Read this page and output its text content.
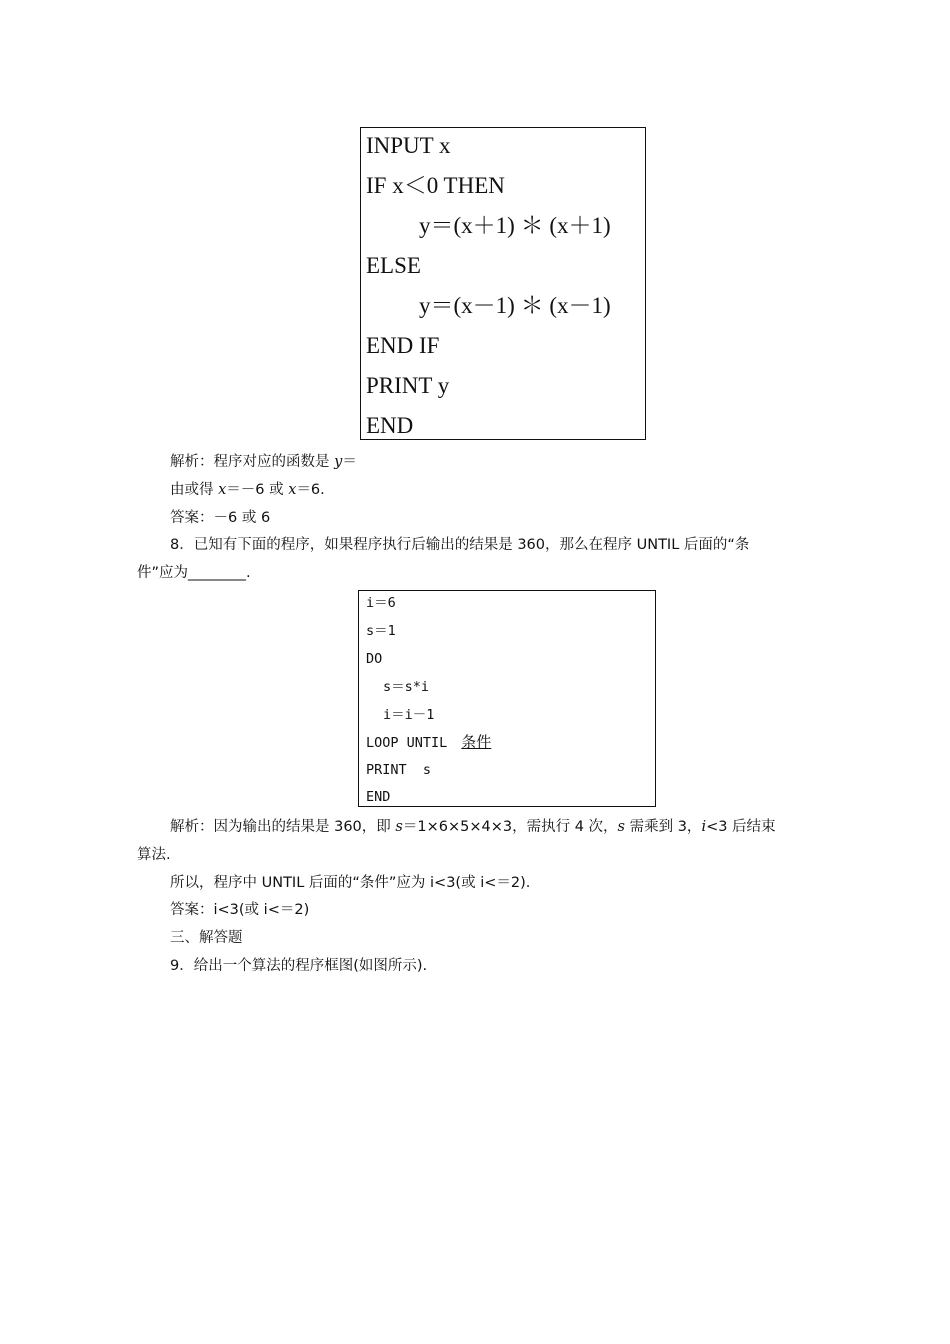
INPUT x
IF x＜0 THEN
y＝(x＋1) ＊ (x＋1)
ELSE
y＝(x－1) ＊ (x－1)
END IF
PRINT y
END
解析：程序对应的函数是 y＝
由或得 x＝－6 或 x＝6.
答案：－6 或 6
8．已知有下面的程序，如果程序执行后输出的结果是 360，那么在程序 UNTIL 后面的“条
件”应为________.
i＝6
s＝1
DO
s＝s*i
i＝i－1
LOOP UNTIL 条件
PRINT  s
END
解析：因为输出的结果是 360，即 s＝1×6×5×4×3，需执行 4 次，s 需乘到 3，i<3 后结束
算法.
所以，程序中 UNTIL 后面的“条件”应为 i<3(或 i<＝2).
答案：i<3(或 i<＝2)
三、解答题
9．给出一个算法的程序框图(如图所示).
